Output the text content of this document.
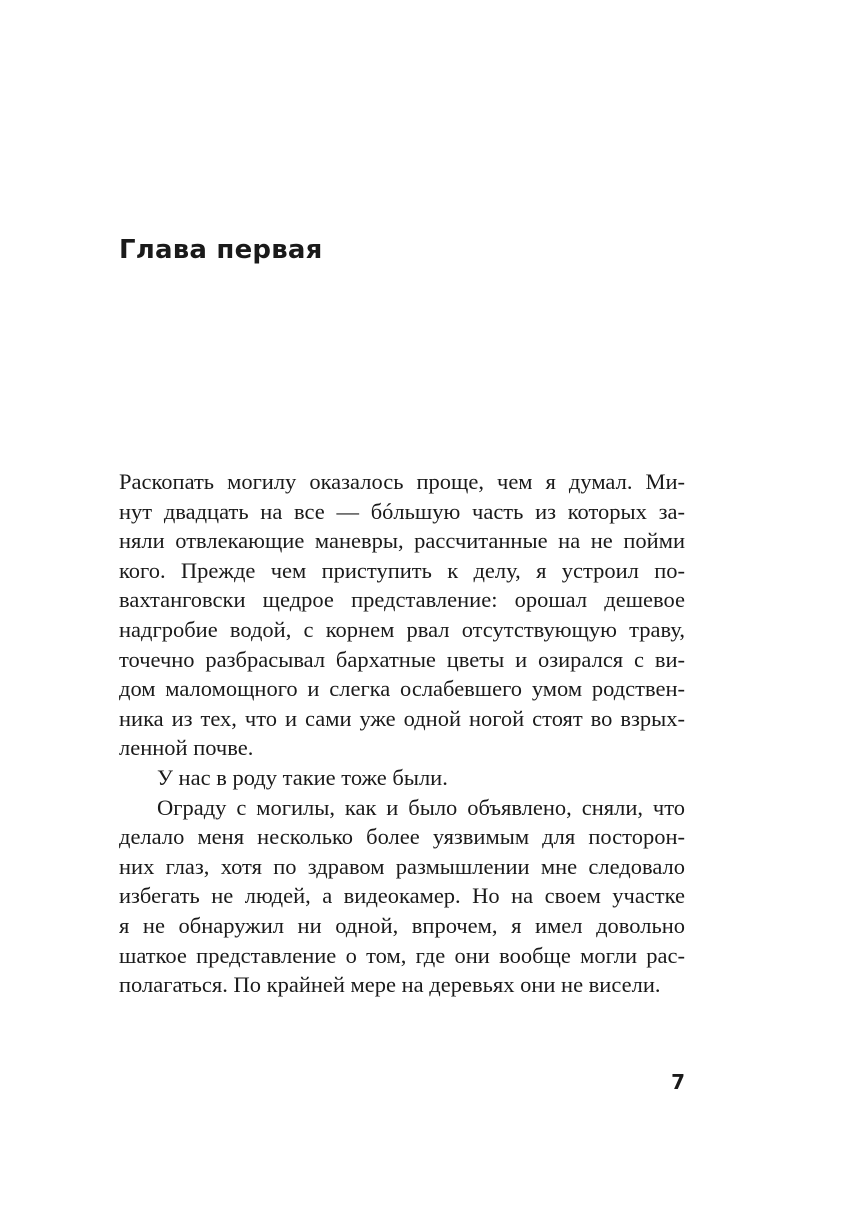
Глава первая
Раскопать могилу оказалось проще, чем я думал. Ми-
нут двадцать на все — бóльшую часть из которых за-
няли отвлекающие маневры, рассчитанные на не пойми
кого. Прежде чем приступить к делу, я устроил по-
вахтанговски щедрое представление: орошал дешевое
надгробие водой, с корнем рвал отсутствующую траву,
точечно разбрасывал бархатные цветы и озирался с ви-
дом маломощного и слегка ослабевшего умом родствен-
ника из тех, что и сами уже одной ногой стоят во взрых-
ленной почве.
У нас в роду такие тоже были.
Ограду с могилы, как и было объявлено, сняли, что
делало меня несколько более уязвимым для посторон-
них глаз, хотя по здравом размышлении мне следовало
избегать не людей, а видеокамер. Но на своем участке
я не обнаружил ни одной, впрочем, я имел довольно
шаткое представление о том, где они вообще могли рас-
полагаться. По крайней мере на деревьях они не висели.
7
